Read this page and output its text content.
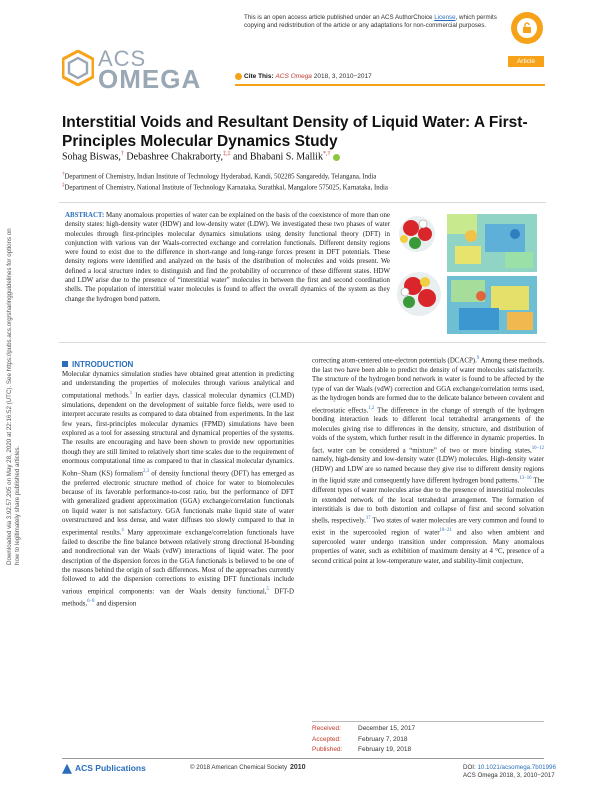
Downloaded via 3.92.57.205 on May 28, 2020 at 22:16:52 (UTC). See https://pubs.acs.org/sharingguidelines for options on how to legitimately share published articles.
This is an open access article published under an ACS AuthorChoice License, which permits copying and redistribution of the article or any adaptations for non-commercial purposes.
ACS
OMEGA
Article
Cite This: ACS Omega 2018, 3, 2010−2017
Interstitial Voids and Resultant Density of Liquid Water: A First-Principles Molecular Dynamics Study
Sohag Biswas,† Debashree Chakraborty,‡,‡ and Bhabani S. Mallik*,†
†Department of Chemistry, Indian Institute of Technology Hyderabad, Kandi, 502285 Sangareddy, Telangana, India
‡Department of Chemistry, National Institute of Technology Karnataka, Surathkal, Mangalore 575025, Karnataka, India
ABSTRACT: Many anomalous properties of water can be explained on the basis of the coexistence of more than one density states: high-density water (HDW) and low-density water (LDW). We investigated these two phases of water molecules through first-principles molecular dynamics simulations using density functional theory (DFT) in conjunction with various van der Waals-corrected exchange and correlation functionals. Different density regions were found to exist due to the difference in short-range and long-range forces present in DFT potentials. These density regions were identified and analyzed on the basis of the distribution of molecules and voids present. We defined a local structure index to distinguish and find the probability of occurrence of these different states. HDW and LDW arise due to the presence of “interstitial water” molecules in between the first and second coordination shells. The population of interstitial water molecules is found to affect the overall dynamics of the system as they change the hydrogen bond pattern.
INTRODUCTION
Molecular dynamics simulation studies have obtained great attention in predicting and understanding the properties of molecules through various analytical and computational methods.$^1$ In earlier days, classical molecular dynamics (CLMD) simulations, dependent on the development of suitable force fields, were used to interpret accurate results as compared to data obtained from experiments. In the last few years, first-principles molecular dynamics (FPMD) simulations have been explored as a tool for assessing structural and dynamical properties of the systems. The results are encouraging and have been shown to provide new opportunities though they are still limited to relatively short time scales due to the requirement of enormous computational time as compared to that in classical molecular dynamics. Kohn−Sham (KS) formalism$^{2,3}$ of density functional theory (DFT) has emerged as the preferred electronic structure method of choice for water to biomolecules because of its favorable performance-to-cost ratio, but the performance of DFT with generalized gradient approximation (GGA) exchange/correlation functionals on liquid water is not satisfactory. GGA functionals make liquid state of water overstructured and less dense, and water diffuses too slowly compared to that in experimental results.$^4$ Many approximate exchange/correlation functionals have failed to describe the fine balance between relatively strong directional H-bonding and nondirectional van der Waals (vdW) interactions of liquid water. The poor description of the dispersion forces in the GGA functionals is believed to be one of the reasons behind the origin of such differences. Most of the approaches currently followed to add the dispersion corrections to existing DFT functionals include various empirical components: van der Waals density functional,$^5$ DFT-D methods,$^{6-8}$ and dispersion
correcting atom-centered one-electron potentials (DCACP).$^9$ Among these methods, the last two have been able to predict the density of water molecules satisfactorily. The structure of the hydrogen bond network in water is found to be affected by the type of van der Waals (vdW) correction and GGA exchange/correlation terms used, as the hydrogen bonds are formed due to the delicate balance between covalent and electrostatic effects.$^{1,2}$ The difference in the change of strength of the hydrogen bonding interaction leads to different local tetrahedral arrangements of the molecules giving rise to differences in the density, structure, and distribution of voids of the system, which further result in the difference in dynamic properties. In fact, water can be considered a “mixture” of two or more binding states,$^{10-12}$ namely, high-density and low-density water (LDW) molecules. High-density water (HDW) and LDW are so named because they give rise to different density regions in the liquid state and consequently have different hydrogen bond patterns.$^{13-16}$ The different types of water molecules arise due to the presence of interstitial molecules in extended network of the local tetrahedral arrangement. The formation of interstitials is due to both distortion and collapse of first and second solvation shells, respectively.$^{17}$ Two states of water molecules are very common and found to exist in the supercooled region of water$^{18-21}$ and also when ambient and supercooled water undergo transition under compression. Many anomalous properties of water, such as exhibition of maximum density at 4 °C, presence of a second critical point at low-temperature water, and stability-limit conjecture,
Received:	December 15, 2017
Accepted:	February 7, 2018
Published: February 19, 2018
ACS Publications	© 2018 American Chemical Society 2010	DOI: 10.1021/acsomega.7b01996
ACS Omega 2018, 3, 2010−2017
